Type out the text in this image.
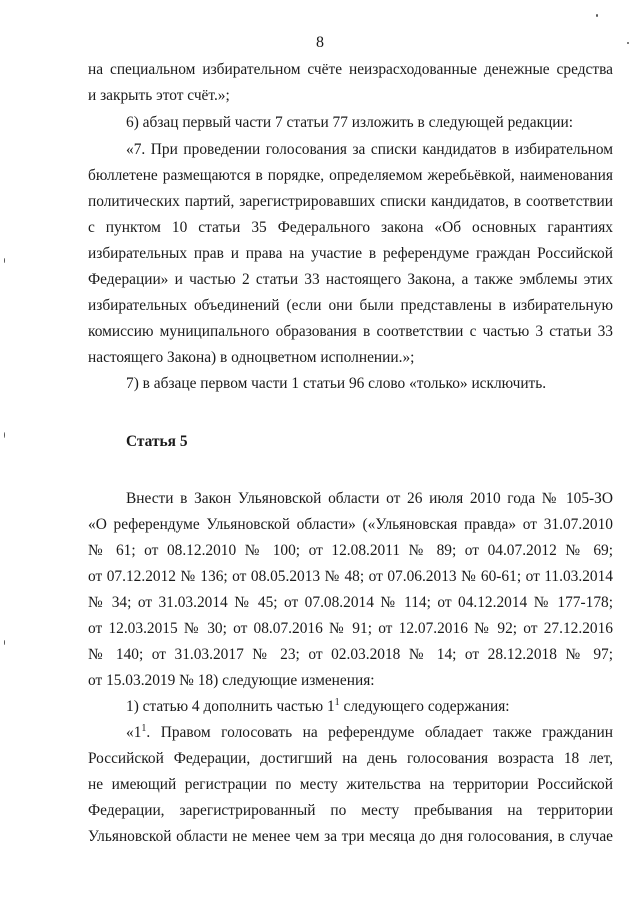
8
на специальном избирательном счёте неизрасходованные денежные средства
и закрыть этот счёт.»;
6) абзац первый части 7 статьи 77 изложить в следующей редакции:
«7. При проведении голосования за списки кандидатов в избирательном
бюллетене размещаются в порядке, определяемом жеребьёвкой, наименования
политических партий, зарегистрировавших списки кандидатов, в соответствии
с пунктом 10 статьи 35 Федерального закона «Об основных гарантиях
избирательных прав и права на участие в референдуме граждан Российской
Федерации» и частью 2 статьи 33 настоящего Закона, а также эмблемы этих
избирательных объединений (если они были представлены в избирательную
комиссию муниципального образования в соответствии с частью 3 статьи 33
настоящего Закона) в одноцветном исполнении.»;
7) в абзаце первом части 1 статьи 96 слово «только» исключить.
Статья 5
Внести в Закон Ульяновской области от 26 июля 2010 года № 105-ЗО
«О референдуме Ульяновской области» («Ульяновская правда» от 31.07.2010
№ 61; от 08.12.2010 № 100; от 12.08.2011 № 89; от 04.07.2012 № 69;
от 07.12.2012 № 136; от 08.05.2013 № 48; от 07.06.2013 № 60-61; от 11.03.2014
№ 34; от 31.03.2014 № 45; от 07.08.2014 № 114; от 04.12.2014 № 177-178;
от 12.03.2015 № 30; от 08.07.2016 № 91; от 12.07.2016 № 92; от 27.12.2016
№ 140; от 31.03.2017 № 23; от 02.03.2018 № 14; от 28.12.2018 № 97;
от 15.03.2019 № 18) следующие изменения:
1) статью 4 дополнить частью $1^1$ следующего содержания:
«$1^1$. Правом голосовать на референдуме обладает также гражданин
Российской Федерации, достигший на день голосования возраста 18 лет,
не имеющий регистрации по месту жительства на территории Российской
Федерации, зарегистрированный по месту пребывания на территории
Ульяновской области не менее чем за три месяца до дня голосования, в случае
